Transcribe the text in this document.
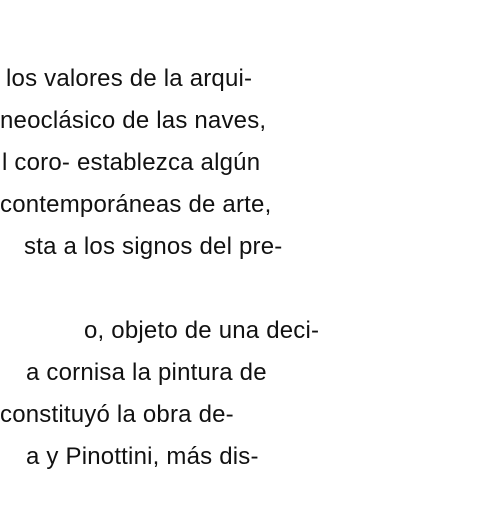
los valores de la arqui-
neoclásico de las naves,
l coro- establezca algún
contemporáneas de arte,
sta a los signos del pre-
o, objeto de una deci-
a cornisa la pintura de
constituyó la obra de-
a y Pinottini, más dis-
